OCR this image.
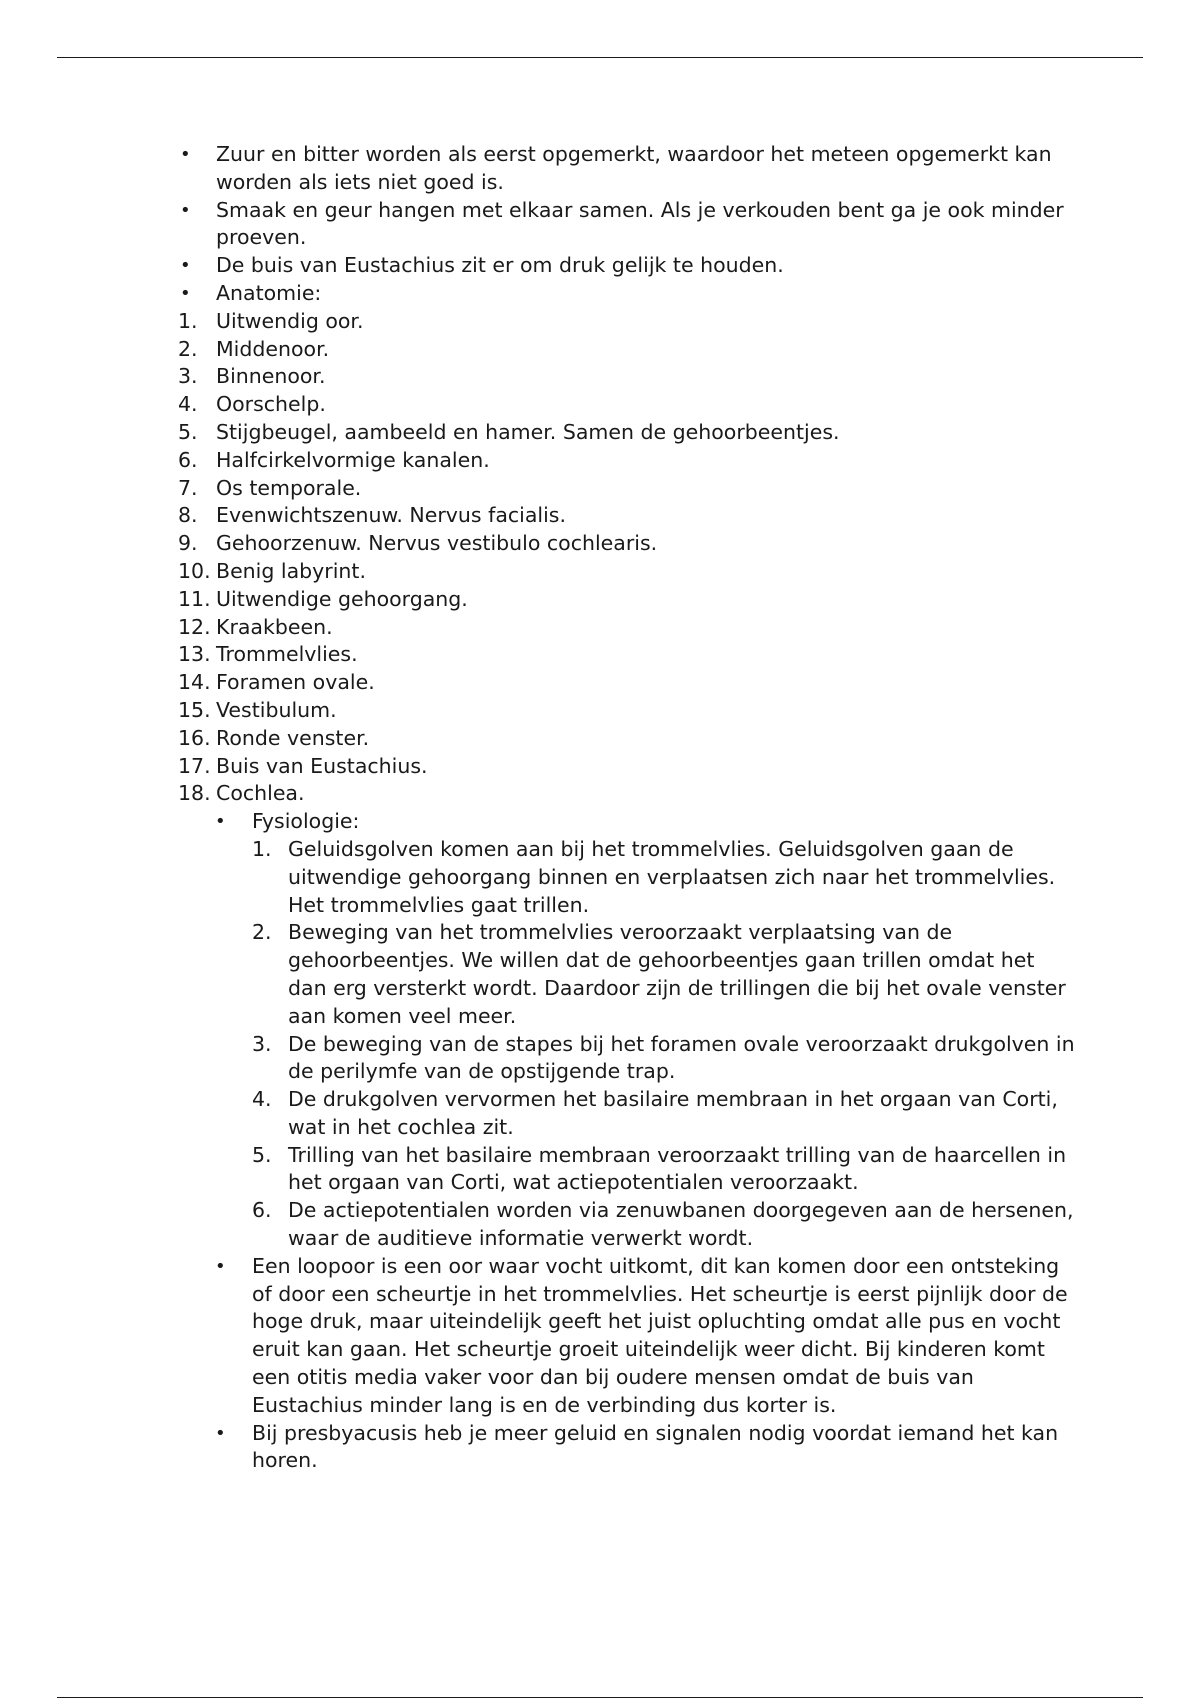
• Zuur en bitter worden als eerst opgemerkt, waardoor het meteen opgemerkt kan worden als iets niet goed is.
• Smaak en geur hangen met elkaar samen. Als je verkouden bent ga je ook minder proeven.
• De buis van Eustachius zit er om druk gelijk te houden.
• Anatomie:
1. Uitwendig oor.
2. Middenoor.
3. Binnenoor.
4. Oorschelp.
5. Stijgbeugel, aambeeld en hamer. Samen de gehoorbeentjes.
6. Halfcirkelvormige kanalen.
7. Os temporale.
8. Evenwichtszenuw. Nervus facialis.
9. Gehoorzenuw. Nervus vestibulo cochlearis.
10. Benig labyrint.
11. Uitwendige gehoorgang.
12. Kraakbeen.
13. Trommelvlies.
14. Foramen ovale.
15. Vestibulum.
16. Ronde venster.
17. Buis van Eustachius.
18. Cochlea.
• Fysiologie:
1. Geluidsgolven komen aan bij het trommelvlies. Geluidsgolven gaan de uitwendige gehoorgang binnen en verplaatsen zich naar het trommelvlies. Het trommelvlies gaat trillen.
2. Beweging van het trommelvlies veroorzaakt verplaatsing van de gehoorbeentjes. We willen dat de gehoorbeentjes gaan trillen omdat het dan erg versterkt wordt. Daardoor zijn de trillingen die bij het ovale venster aan komen veel meer.
3. De beweging van de stapes bij het foramen ovale veroorzaakt drukgolven in de perilymfe van de opstijgende trap.
4. De drukgolven vervormen het basilaire membraan in het orgaan van Corti, wat in het cochlea zit.
5. Trilling van het basilaire membraan veroorzaakt trilling van de haarcellen in het orgaan van Corti, wat actiepotentialen veroorzaakt.
6. De actiepotentialen worden via zenuwbanen doorgegeven aan de hersenen, waar de auditieve informatie verwerkt wordt.
• Een loopoor is een oor waar vocht uitkomt, dit kan komen door een ontsteking of door een scheurtje in het trommelvlies. Het scheurtje is eerst pijnlijk door de hoge druk, maar uiteindelijk geeft het juist opluchting omdat alle pus en vocht eruit kan gaan. Het scheurtje groeit uiteindelijk weer dicht. Bij kinderen komt een otitis media vaker voor dan bij oudere mensen omdat de buis van Eustachius minder lang is en de verbinding dus korter is.
• Bij presbyacusis heb je meer geluid en signalen nodig voordat iemand het kan horen.
